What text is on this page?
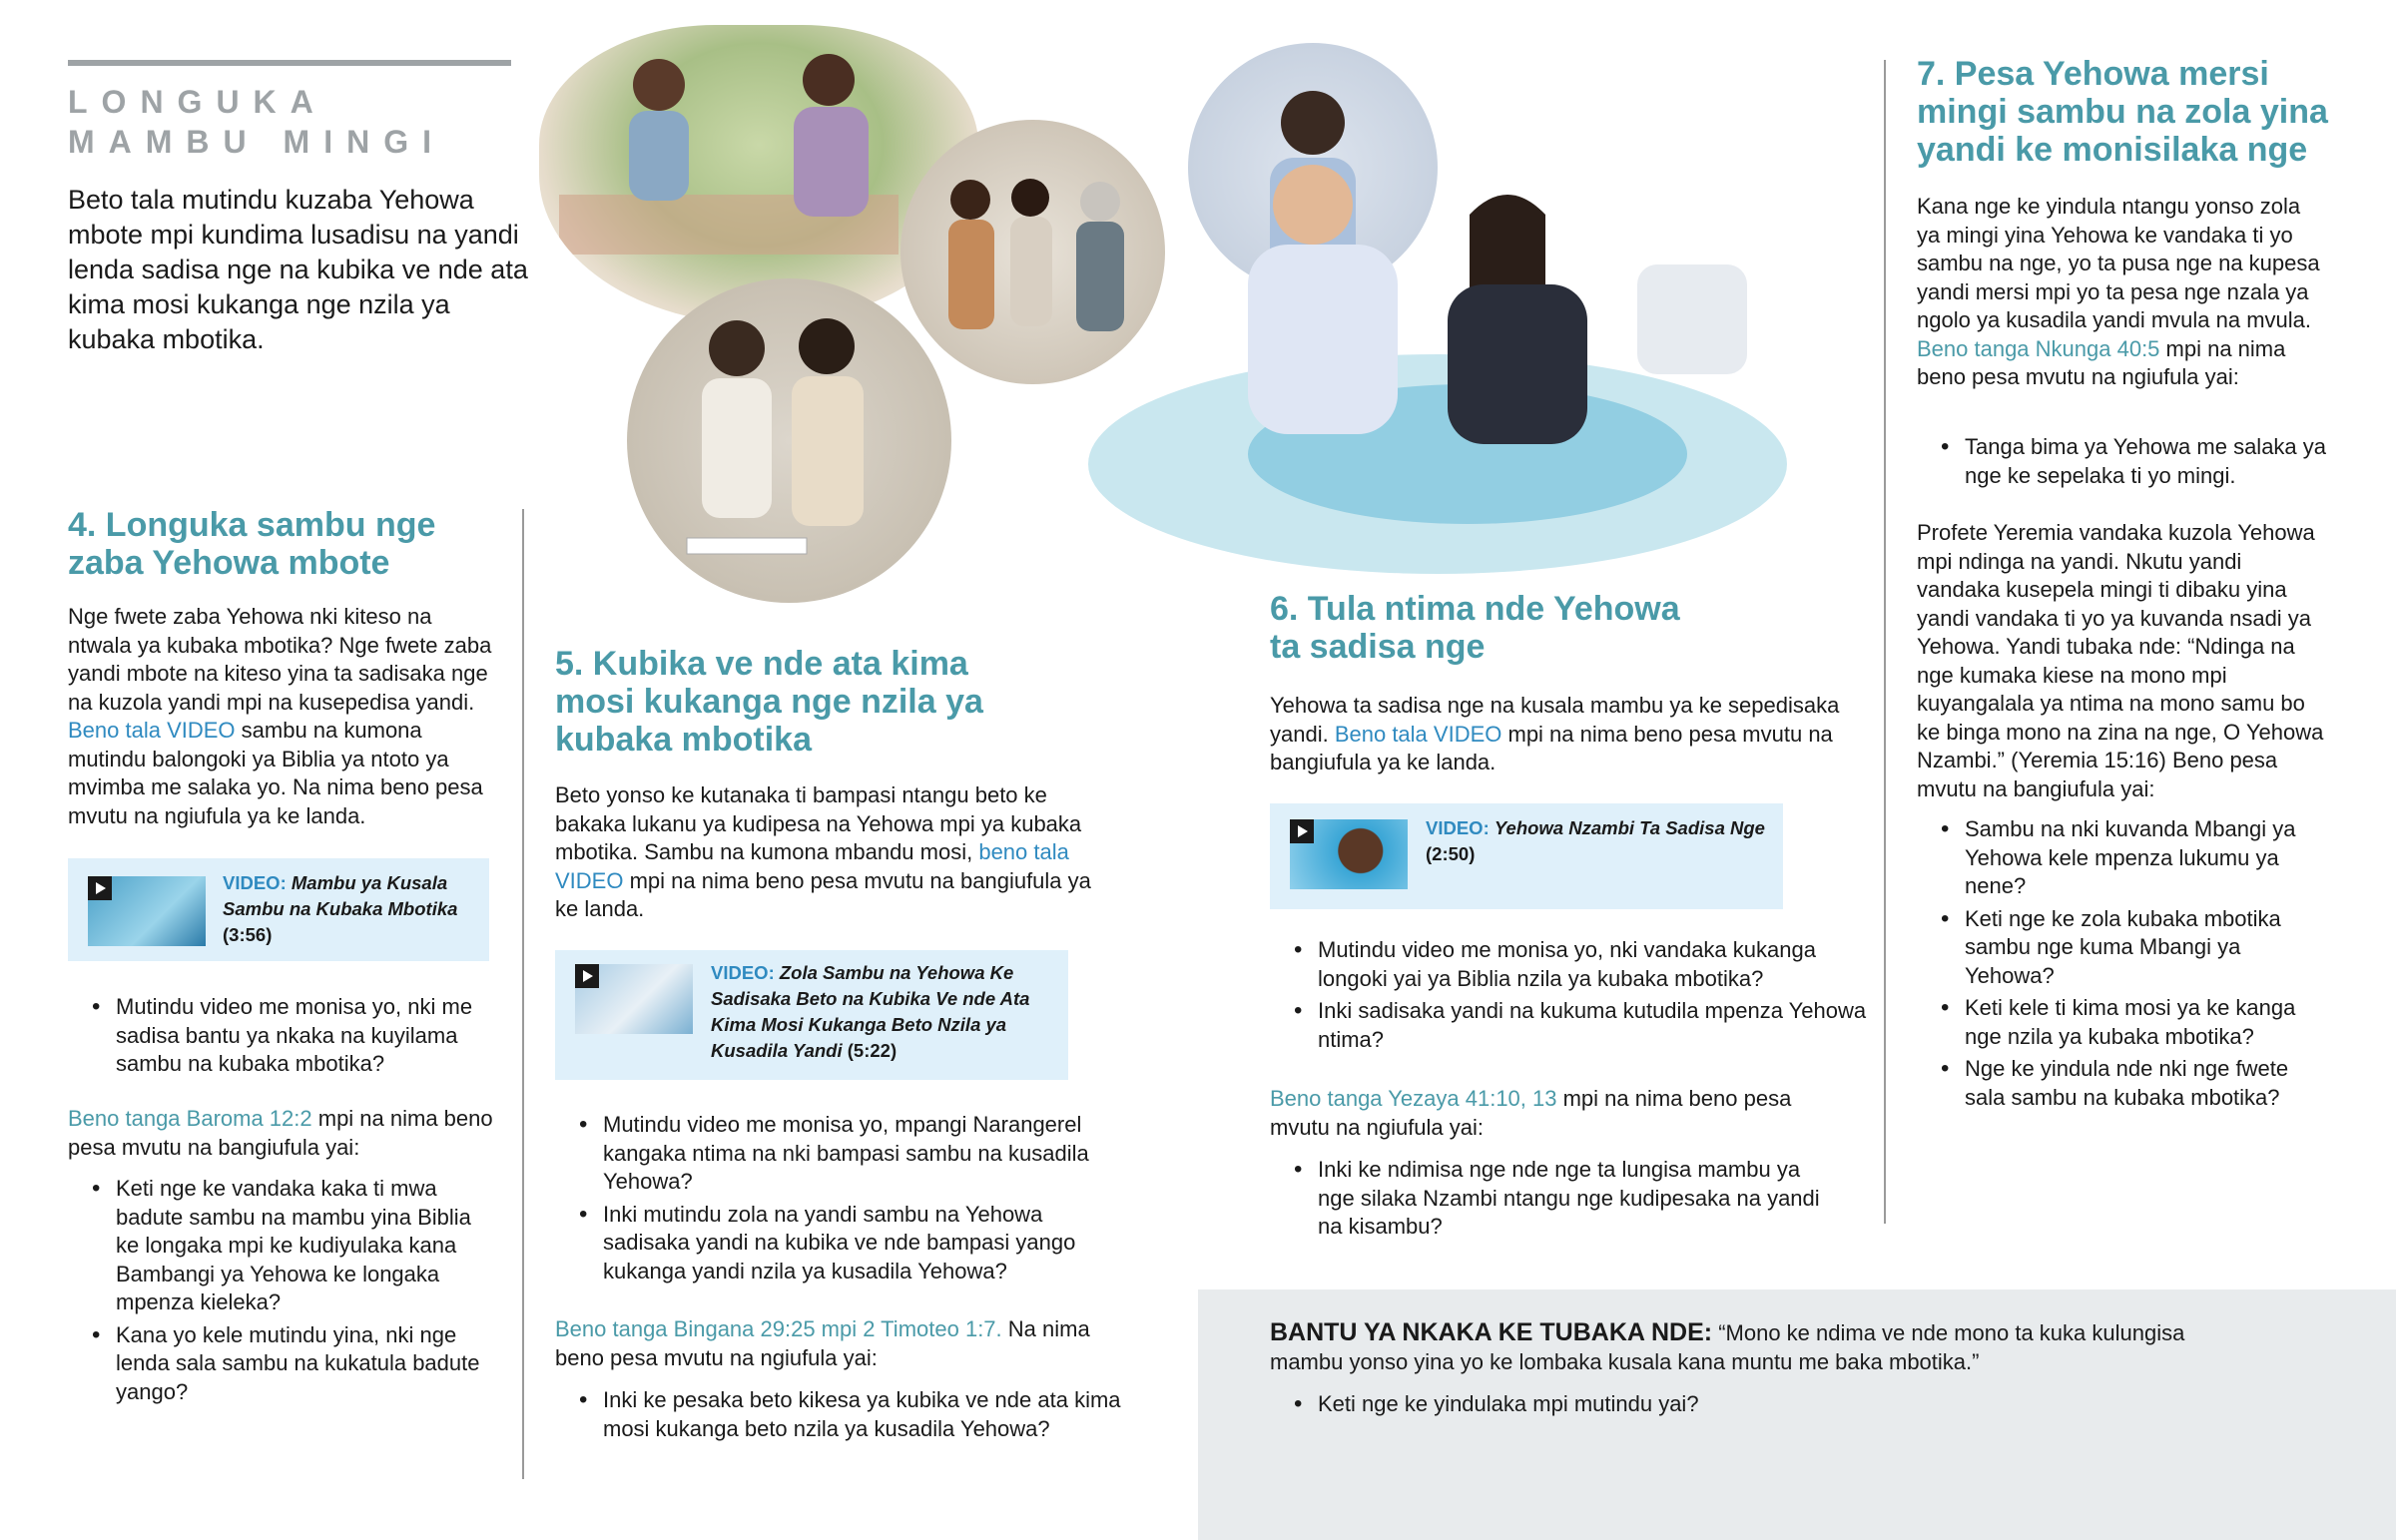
LONGUKA MAMBU MINGI

Beto tala mutindu kuzaba Yehowa mbote mpi kundima lusadisu na yandi lenda sadisa nge na kubika ve nde ata kima mosi kukanga nge nzila ya kubaka mbotika.

4. Longuka sambu nge zaba Yehowa mbote

Nge fwete zaba Yehowa nki kiteso na ntwala ya kubaka mbotika? Nge fwete zaba yandi mbote na kiteso yina ta sadisaka nge na kuzola yandi mpi na kusepedisa yandi. Beno tala VIDEO sambu na kumona mutindu balongoki ya Biblia ya ntoto ya mvimba me salaka yo. Na nima beno pesa mvutu na ngiufula ya ke landa.

VIDEO: Mambu ya Kusala Sambu na Kubaka Mbotika (3:56)
• Mutindu video me monisa yo, nki me sadisa bantu ya nkaka na kuyilama sambu na kubaka mbotika?

Beno tanga Baroma 12:2 mpi na nima beno pesa mvutu na bangiufula yai:

• Keti nge ke vandaka kaka ti mwa badute sambu na mambu yina Biblia ke longaka mpi ke kudiyulaka kana Bambangi ya Yehowa ke longaka mpenza kieleka?
• Kana yo kele mutindu yina, nki nge lenda sala sambu na kukatula badute yango?
5. Kubika ve nde ata kima mosi kukanga nge nzila ya kubaka mbotika

Beto yonso ke kutanaka ti bampasi ntangu beto ke bakaka lukanu ya kudipesa na Yehowa mpi ya kubaka mbotika. Sambu na kumona mbandu mosi, beno tala VIDEO mpi na nima beno pesa mvutu na bangiufula ya ke landa.

VIDEO: Zola Sambu na Yehowa Ke Sadisaka Beto na Kubika Ve nde Ata Kima Mosi Kukanga Beto Nzila ya Kusadila Yandi (5:22)
• Mutindu video me monisa yo, mpangi Narangerel kangaka ntima na nki bampasi sambu na kusadila Yehowa?
• Inki mutindu zola na yandi sambu na Yehowa sadisaka yandi na kubika ve nde bampasi yango kukanga yandi nzila ya kusadila Yehowa?

Beno tanga Bingana 29:25 mpi 2 Timoteo 1:7. Na nima beno pesa mvutu na ngiufula yai:

• Inki ke pesaka beto kikesa ya kubika ve nde ata kima mosi kukanga beto nzila ya kusadila Yehowa?
6. Tula ntima nde Yehowa ta sadisa nge

Yehowa ta sadisa nge na kusala mambu ya ke sepedisaka yandi. Beno tala VIDEO mpi na nima beno pesa mvutu na bangiufula ya ke landa.

VIDEO: Yehowa Nzambi Ta Sadisa Nge
(2:50)
• Mutindu video me monisa yo, nki vandaka kukanga longoki yai ya Biblia nzila ya kubaka mbotika?
• Inki sadisaka yandi na kukuma kutudila mpenza Yehowa ntima?

Beno tanga Yezaya 41:10, 13 mpi na nima beno pesa mvutu na ngiufula yai:

• Inki ke ndimisa nge nde nge ta lungisa mambu ya nge silaka Nzambi ntangu nge kudipesaka na yandi na kisambu?
7. Pesa Yehowa mersi mingi sambu na zola yina yandi ke monisilaka nge

Kana nge ke yindula ntangu yonso zola ya mingi yina Yehowa ke vandaka ti yo sambu na nge, yo ta pusa nge na kupesa yandi mersi mpi yo ta pesa nge nzala ya ngolo ya kusadila yandi mvula na mvula. Beno tanga Nkunga 40:5 mpi na nima beno pesa mvutu na ngiufula yai:

• Tanga bima ya Yehowa me salaka ya nge ke sepelaka ti yo mingi.

Profete Yeremia vandaka kuzola Yehowa mpi ndinga na yandi. Nkutu yandi vandaka kusepela mingi ti dibaku yina yandi vandaka ti yo ya kuvanda nsadi ya Yehowa. Yandi tubaka nde: “Ndinga na nge kumaka kiese na mono mpi kuyangalala ya ntima na mono samu bo ke binga mono na zina na nge, O Yehowa Nzambi.” (Yeremia 15:16) Beno pesa mvutu na bangiufula yai:

• Sambu na nki kuvanda Mbangi ya Yehowa kele mpenza lukumu ya nene?
• Keti nge ke zola kubaka mbotika sambu nge kuma Mbangi ya Yehowa?
• Keti kele ti kima mosi ya ke kanga nge nzila ya kubaka mbotika?
• Nge ke yindula nde nki nge fwete sala sambu na kubaka mbotika?

BANTU YA NKAKA KE TUBAKA NDE: “Mono ke ndima ve nde mono ta kuka kulungisa mambu yonso yina yo ke lombaka kusala kana muntu me baka mbotika.”

• Keti nge ke yindulaka mpi mutindu yai?
